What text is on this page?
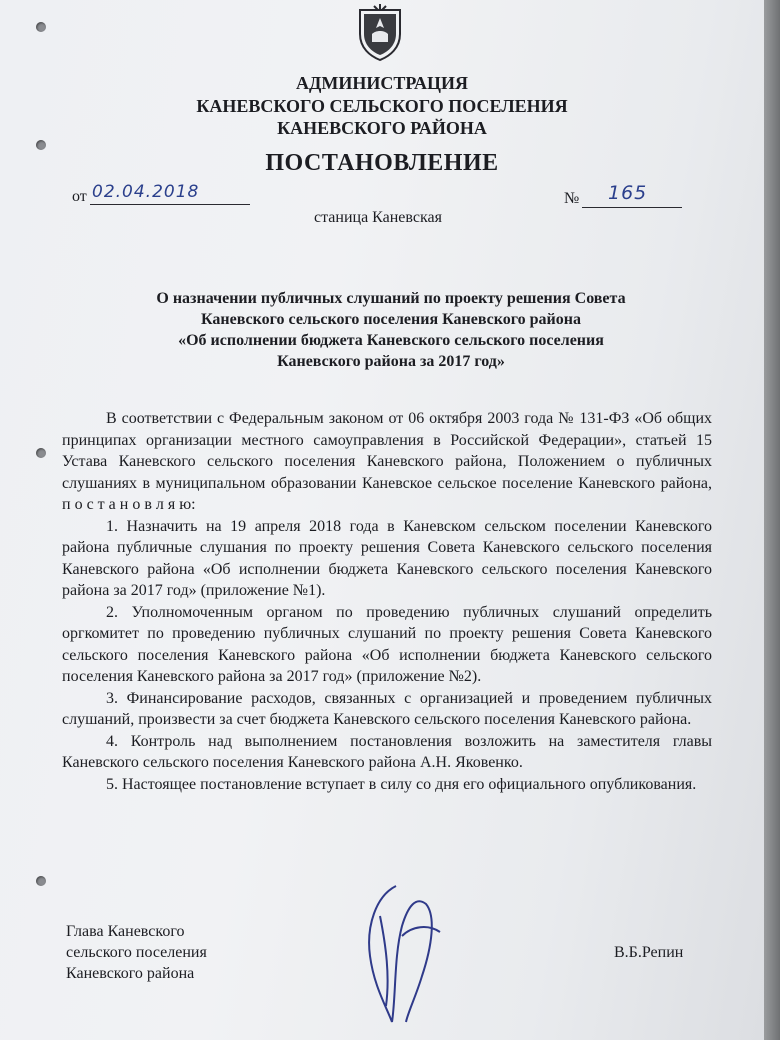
АДМИНИСТРАЦИЯ
КАНЕВСКОГО СЕЛЬСКОГО ПОСЕЛЕНИЯ
КАНЕВСКОГО РАЙОНА
ПОСТАНОВЛЕНИЕ
от 02.04.2018	№ 165
станица Каневская
О назначении публичных слушаний по проекту решения Совета
Каневского сельского поселения Каневского района
«Об исполнении бюджета Каневского сельского поселения
Каневского района за 2017 год»

В соответствии с Федеральным законом от 06 октября 2003 года № 131-ФЗ «Об общих принципах организации местного самоуправления в Российской Федерации», статьей 15 Устава Каневского сельского поселения Каневского района, Положением о публичных слушаниях в муниципальном образовании Каневское сельское поселение Каневского района, п о с т а н о в л я ю:

1. Назначить на 19 апреля 2018 года в Каневском сельском поселении Каневского района публичные слушания по проекту решения Совета Каневского сельского поселения Каневского района «Об исполнении бюджета Каневского сельского поселения Каневского района за 2017 год» (приложение №1).

2. Уполномоченным органом по проведению публичных слушаний определить оргкомитет по проведению публичных слушаний по проекту решения Совета Каневского сельского поселения Каневского района «Об исполнении бюджета Каневского сельского поселения Каневского района за 2017 год» (приложение №2).

3. Финансирование расходов, связанных с организацией и проведением публичных слушаний, произвести за счет бюджета Каневского сельского поселения Каневского района.

4. Контроль над выполнением постановления возложить на заместителя главы Каневского сельского поселения Каневского района А.Н. Яковенко.

5. Настоящее постановление вступает в силу со дня его официального опубликования.

Глава Каневского
сельского поселения
Каневского района
В.Б.Репин
